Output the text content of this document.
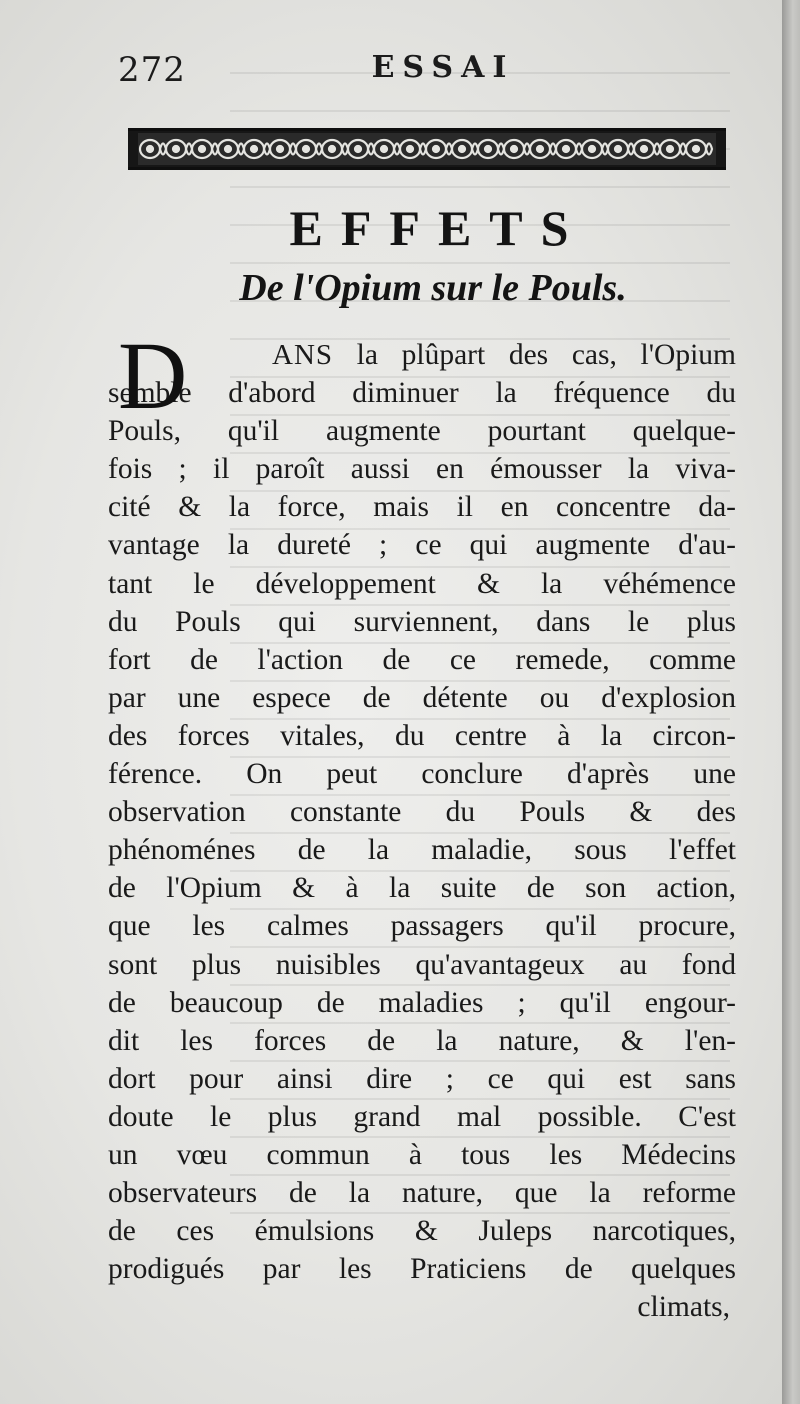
272	ESSAI
EFFETS
De l'Opium sur le Pouls.
D	ANS la plûpart des cas, l'Opium
semble d'abord diminuer la fréquence du
Pouls, qu'il augmente pourtant quelque-
fois ; il paroît aussi en émousser la viva-
cité & la force, mais il en concentre da-
vantage la dureté ; ce qui augmente d'au-
tant le développement & la véhémence
du Pouls qui surviennent, dans le plus
fort de l'action de ce remede, comme
par une espece de détente ou d'explosion
des forces vitales, du centre à la circon-
férence. On peut conclure d'après une
observation constante du Pouls & des
phénoménes de la maladie, sous l'effet
de l'Opium & à la suite de son action,
que les calmes passagers qu'il procure,
sont plus nuisibles qu'avantageux au fond
de beaucoup de maladies ; qu'il engour-
dit les forces de la nature, & l'en-
dort pour ainsi dire ; ce qui est sans
doute le plus grand mal possible. C'est
un vœu commun à tous les Médecins
observateurs de la nature, que la reforme
de ces émulsions & Juleps narcotiques,
prodigués par les Praticiens de quelques
climats,
